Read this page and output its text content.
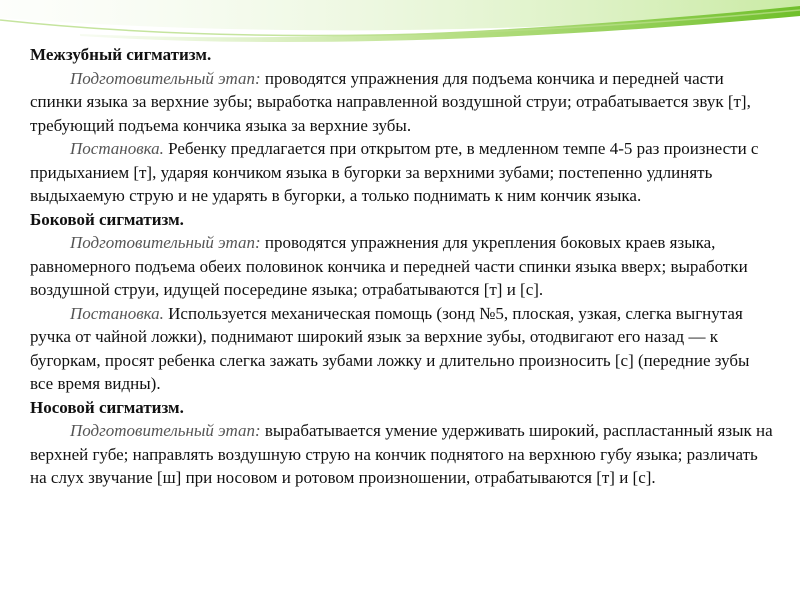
Межзубный сигматизм.

Подготовительный этап: проводятся упражнения для подъема кончика и передней части спинки языка за верхние зубы; выработка направленной воздушной струи; отрабатывается звук [т], требующий подъема кончика языка за верхние зубы.

Постановка. Ребенку предлагается при открытом рте, в медленном темпе 4-5 раз произнести с придыханием [т], ударяя кончиком языка в бугорки за верхними зубами; постепенно удлинять выдыхаемую струю и не ударять в бугорки, а только поднимать к ним кончик языка.

Боковой сигматизм.

Подготовительный этап: проводятся упражнения для укрепления боковых краев языка, равномерного подъема обеих половинок кончика и передней части спинки языка вверх; выработки воздушной струи, идущей посередине языка; отрабатываются [т] и [с].

Постановка. Используется механическая помощь (зонд №5, плоская, узкая, слегка выгнутая ручка от чайной ложки), поднимают широкий язык за верхние зубы, отодвигают его назад — к бугоркам, просят ребенка слегка зажать зубами ложку и длительно произносить [с] (передние зубы все время видны).

Носовой сигматизм.

Подготовительный этап: вырабатывается умение удерживать широкий, распластанный язык на верхней губе; направлять воздушную струю на кончик поднятого на верхнюю губу языка; различать на слух звучание [ш] при носовом и ротовом произношении, отрабатываются [т] и [с].
